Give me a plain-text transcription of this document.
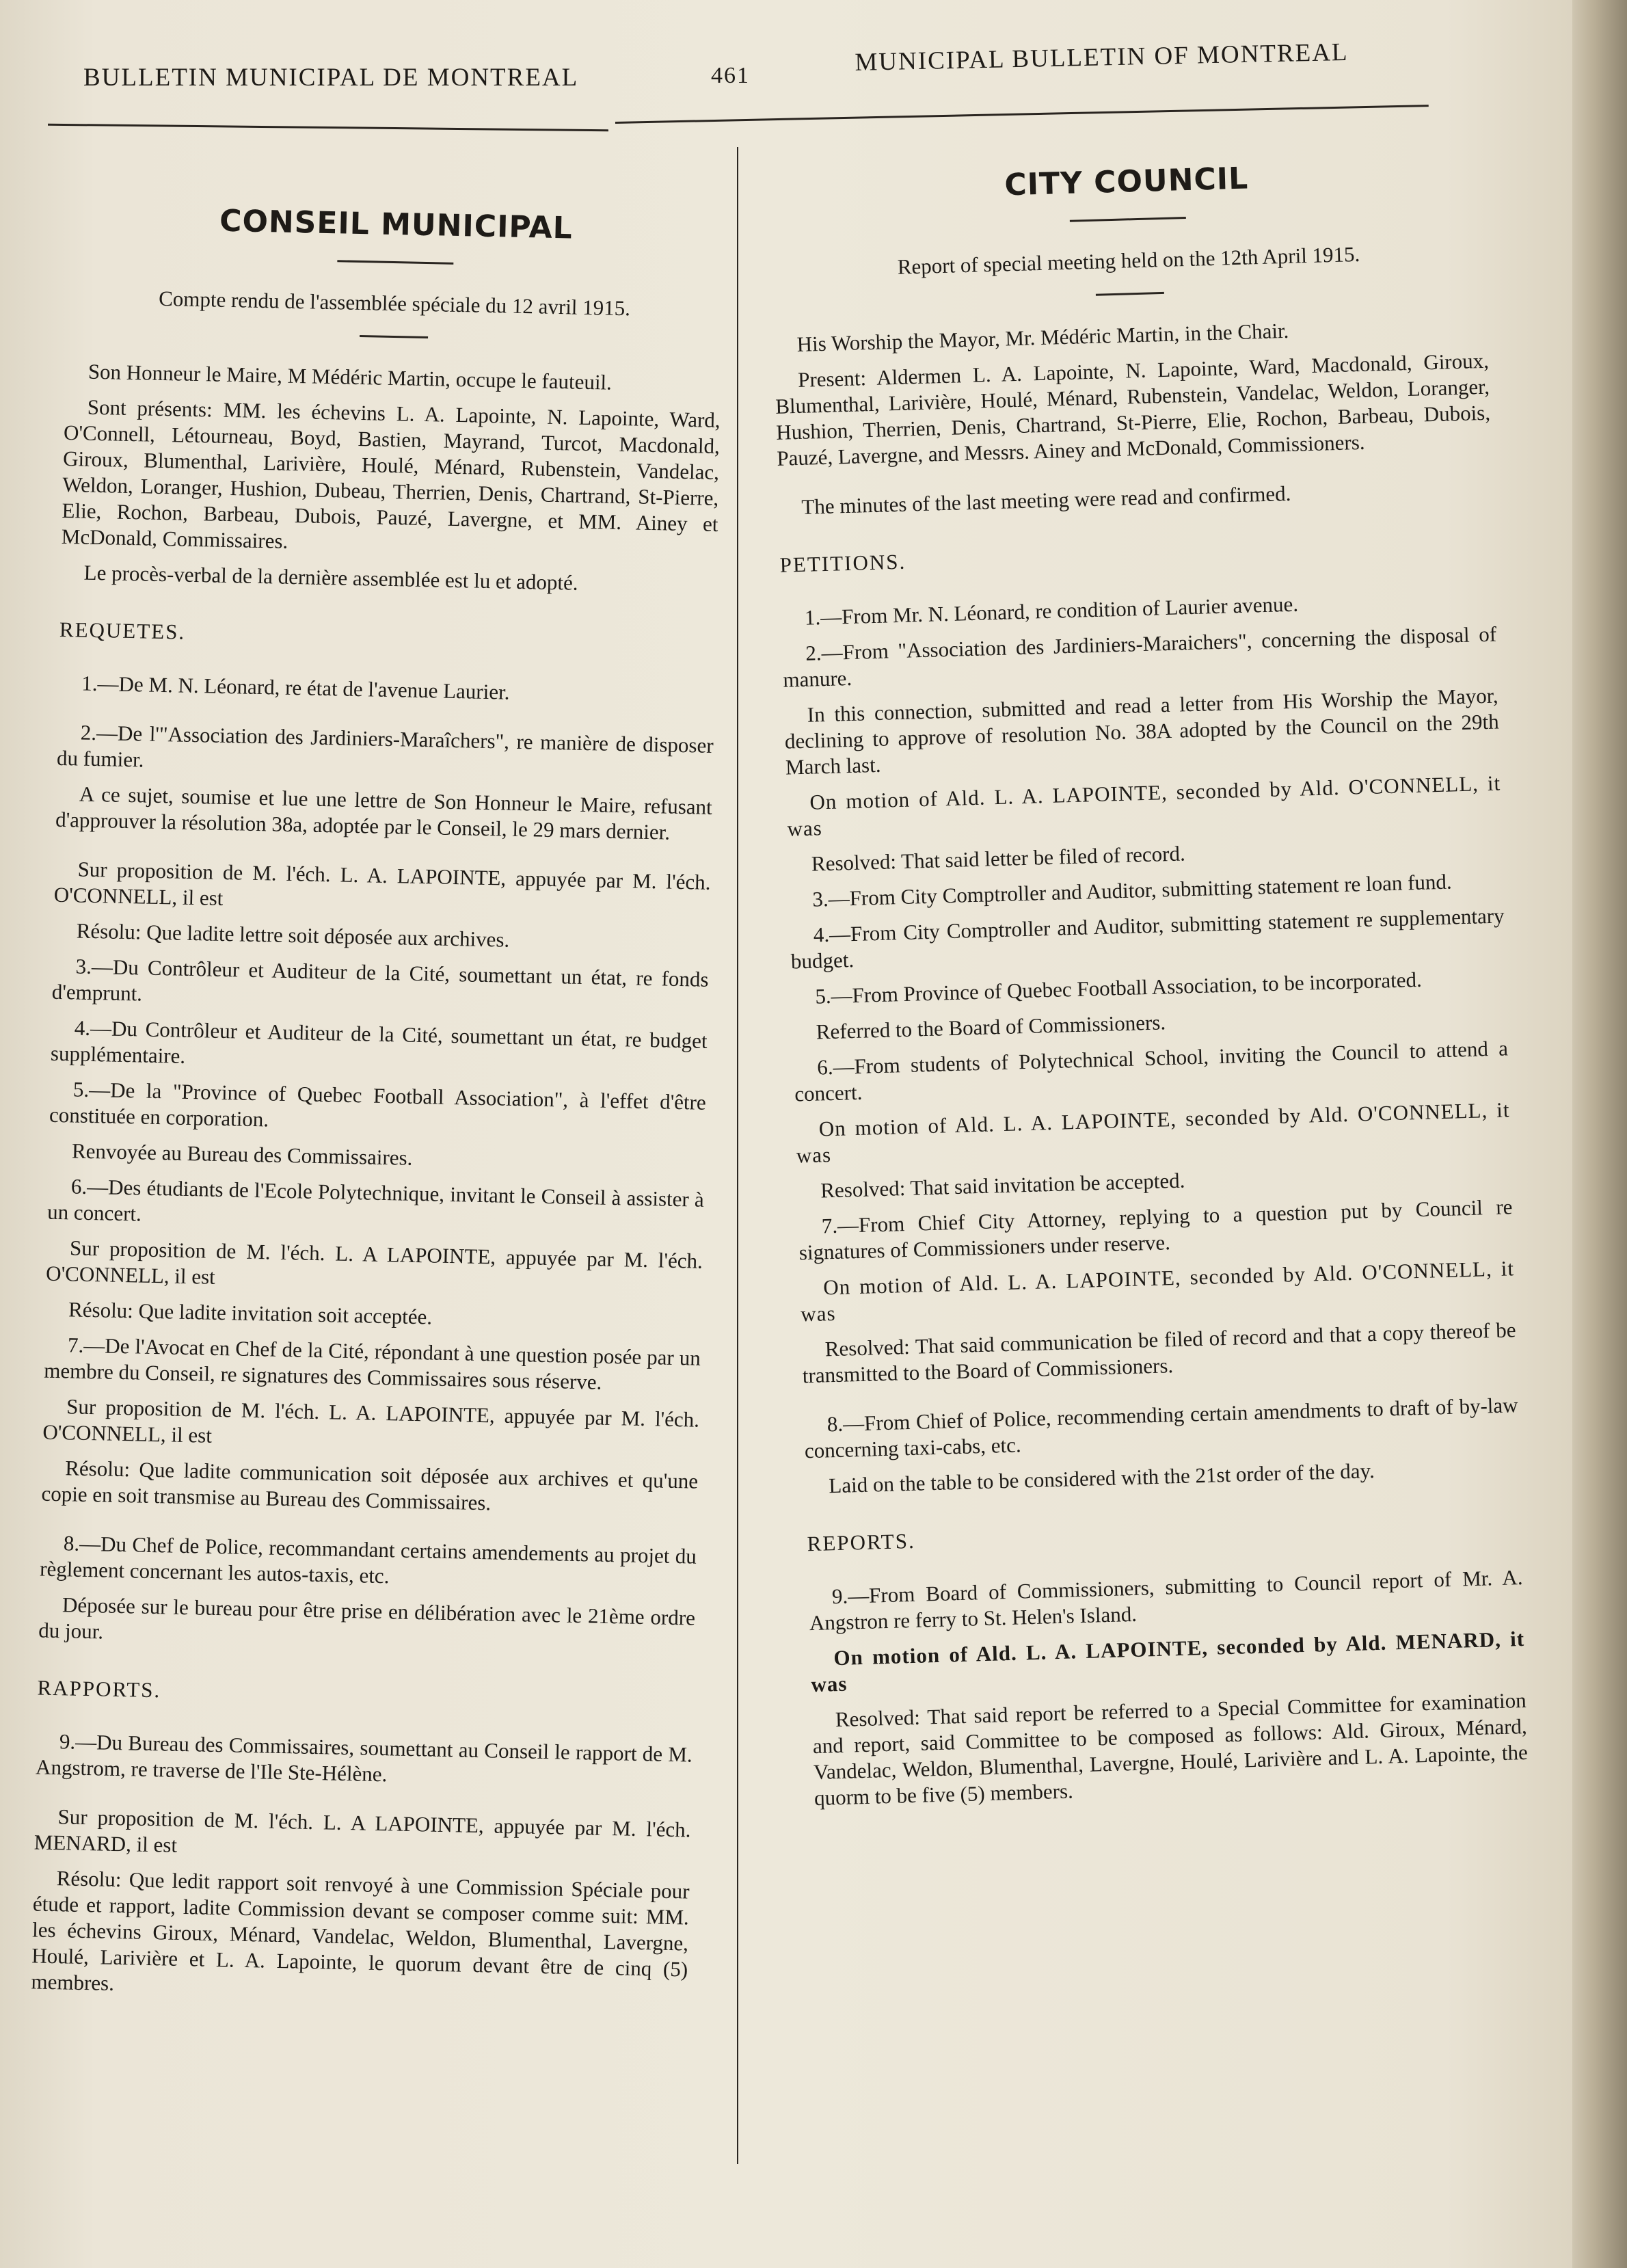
BULLETIN MUNICIPAL DE MONTREAL	461	MUNICIPAL BULLETIN OF MONTREAL
CONSEIL MUNICIPAL

Compte rendu de l'assemblée spéciale du 12 avril 1915.

Son Honneur le Maire, M Médéric Martin, occupe le fauteuil.

Sont présents: MM. les échevins L. A. Lapointe, N. Lapointe, Ward, O'Connell, Létourneau, Boyd, Bastien, Mayrand, Turcot, Macdonald, Giroux, Blumenthal, Larivière, Houlé, Ménard, Rubenstein, Vandelac, Weldon, Loranger, Hushion, Dubeau, Therrien, Denis, Chartrand, St-Pierre, Elie, Rochon, Barbeau, Dubois, Pauzé, Lavergne, et MM. Ainey et McDonald, Commissaires.

Le procès-verbal de la dernière assemblée est lu et adopté.

REQUETES.

1.—De M. N. Léonard, re état de l'avenue Laurier.

2.—De l'"Association des Jardiniers-Maraîchers", re manière de disposer du fumier.

A ce sujet, soumise et lue une lettre de Son Honneur le Maire, refusant d'approuver la résolution 38a, adoptée par le Conseil, le 29 mars dernier.

Sur proposition de M. l'éch. L. A. LAPOINTE, appuyée par M. l'éch. O'CONNELL, il est

Résolu: Que ladite lettre soit déposée aux archives.

3.—Du Contrôleur et Auditeur de la Cité, soumettant un état, re fonds d'emprunt.

4.—Du Contrôleur et Auditeur de la Cité, soumettant un état, re budget supplémentaire.

5.—De la "Province of Quebec Football Association", à l'effet d'être constituée en corporation.

Renvoyée au Bureau des Commissaires.

6.—Des étudiants de l'Ecole Polytechnique, invitant le Conseil à assister à un concert.

Sur proposition de M. l'éch. L. A LAPOINTE, appuyée par M. l'éch. O'CONNELL, il est

Résolu: Que ladite invitation soit acceptée.

7.—De l'Avocat en Chef de la Cité, répondant à une question posée par un membre du Conseil, re signatures des Commissaires sous réserve.

Sur proposition de M. l'éch. L. A. LAPOINTE, appuyée par M. l'éch. O'CONNELL, il est

Résolu: Que ladite communication soit déposée aux archives et qu'une copie en soit transmise au Bureau des Commissaires.

8.—Du Chef de Police, recommandant certains amendements au projet du règlement concernant les autos-taxis, etc.

Déposée sur le bureau pour être prise en délibération avec le 21ème ordre du jour.

RAPPORTS.

9.—Du Bureau des Commissaires, soumettant au Conseil le rapport de M. Angstrom, re traverse de l'Ile Ste-Hélène.

Sur proposition de M. l'éch. L. A LAPOINTE, appuyée par M. l'éch. MENARD, il est

Résolu: Que ledit rapport soit renvoyé à une Commission Spéciale pour étude et rapport, ladite Commission devant se composer comme suit: MM. les échevins Giroux, Ménard, Vandelac, Weldon, Blumenthal, Lavergne, Houlé, Larivière et L. A. Lapointe, le quorum devant être de cinq (5) membres.

CITY COUNCIL

Report of special meeting held on the 12th April 1915.

His Worship the Mayor, Mr. Médéric Martin, in the Chair.

Present: Aldermen L. A. Lapointe, N. Lapointe, Ward, Macdonald, Giroux, Blumenthal, Larivière, Houlé, Ménard, Rubenstein, Vandelac, Weldon, Loranger, Hushion, Therrien, Denis, Chartrand, St-Pierre, Elie, Rochon, Barbeau, Dubois, Pauzé, Lavergne, and Messrs. Ainey and McDonald, Commissioners.

The minutes of the last meeting were read and confirmed.

PETITIONS.

1.—From Mr. N. Léonard, re condition of Laurier avenue.

2.—From "Association des Jardiniers-Maraichers", concerning the disposal of manure.

In this connection, submitted and read a letter from His Worship the Mayor, declining to approve of resolution No. 38A adopted by the Council on the 29th March last.

On motion of Ald. L. A. LAPOINTE, seconded by Ald. O'CONNELL, it was

Resolved: That said letter be filed of record.

3.—From City Comptroller and Auditor, submitting statement re loan fund.

4.—From City Comptroller and Auditor, submitting statement re supplementary budget.

5.—From Province of Quebec Football Association, to be incorporated.

Referred to the Board of Commissioners.

6.—From students of Polytechnical School, inviting the Council to attend a concert.

On motion of Ald. L. A. LAPOINTE, seconded by Ald. O'CONNELL, it was

Resolved: That said invitation be accepted.

7.—From Chief City Attorney, replying to a question put by Council re signatures of Commissioners under reserve.

On motion of Ald. L. A. LAPOINTE, seconded by Ald. O'CONNELL, it was

Resolved: That said communication be filed of record and that a copy thereof be transmitted to the Board of Commissioners.

8.—From Chief of Police, recommending certain amendments to draft of by-law concerning taxi-cabs, etc.

Laid on the table to be considered with the 21st order of the day.

REPORTS.

9.—From Board of Commissioners, submitting to Council report of Mr. A. Angstron re ferry to St. Helen's Island.

On motion of Ald. L. A. LAPOINTE, seconded by Ald. MENARD, it was

Resolved: That said report be referred to a Special Committee for examination and report, said Committee to be composed as follows: Ald. Giroux, Ménard, Vandelac, Weldon, Blumenthal, Lavergne, Houlé, Larivière and L. A. Lapointe, the quorm to be five (5) members.
